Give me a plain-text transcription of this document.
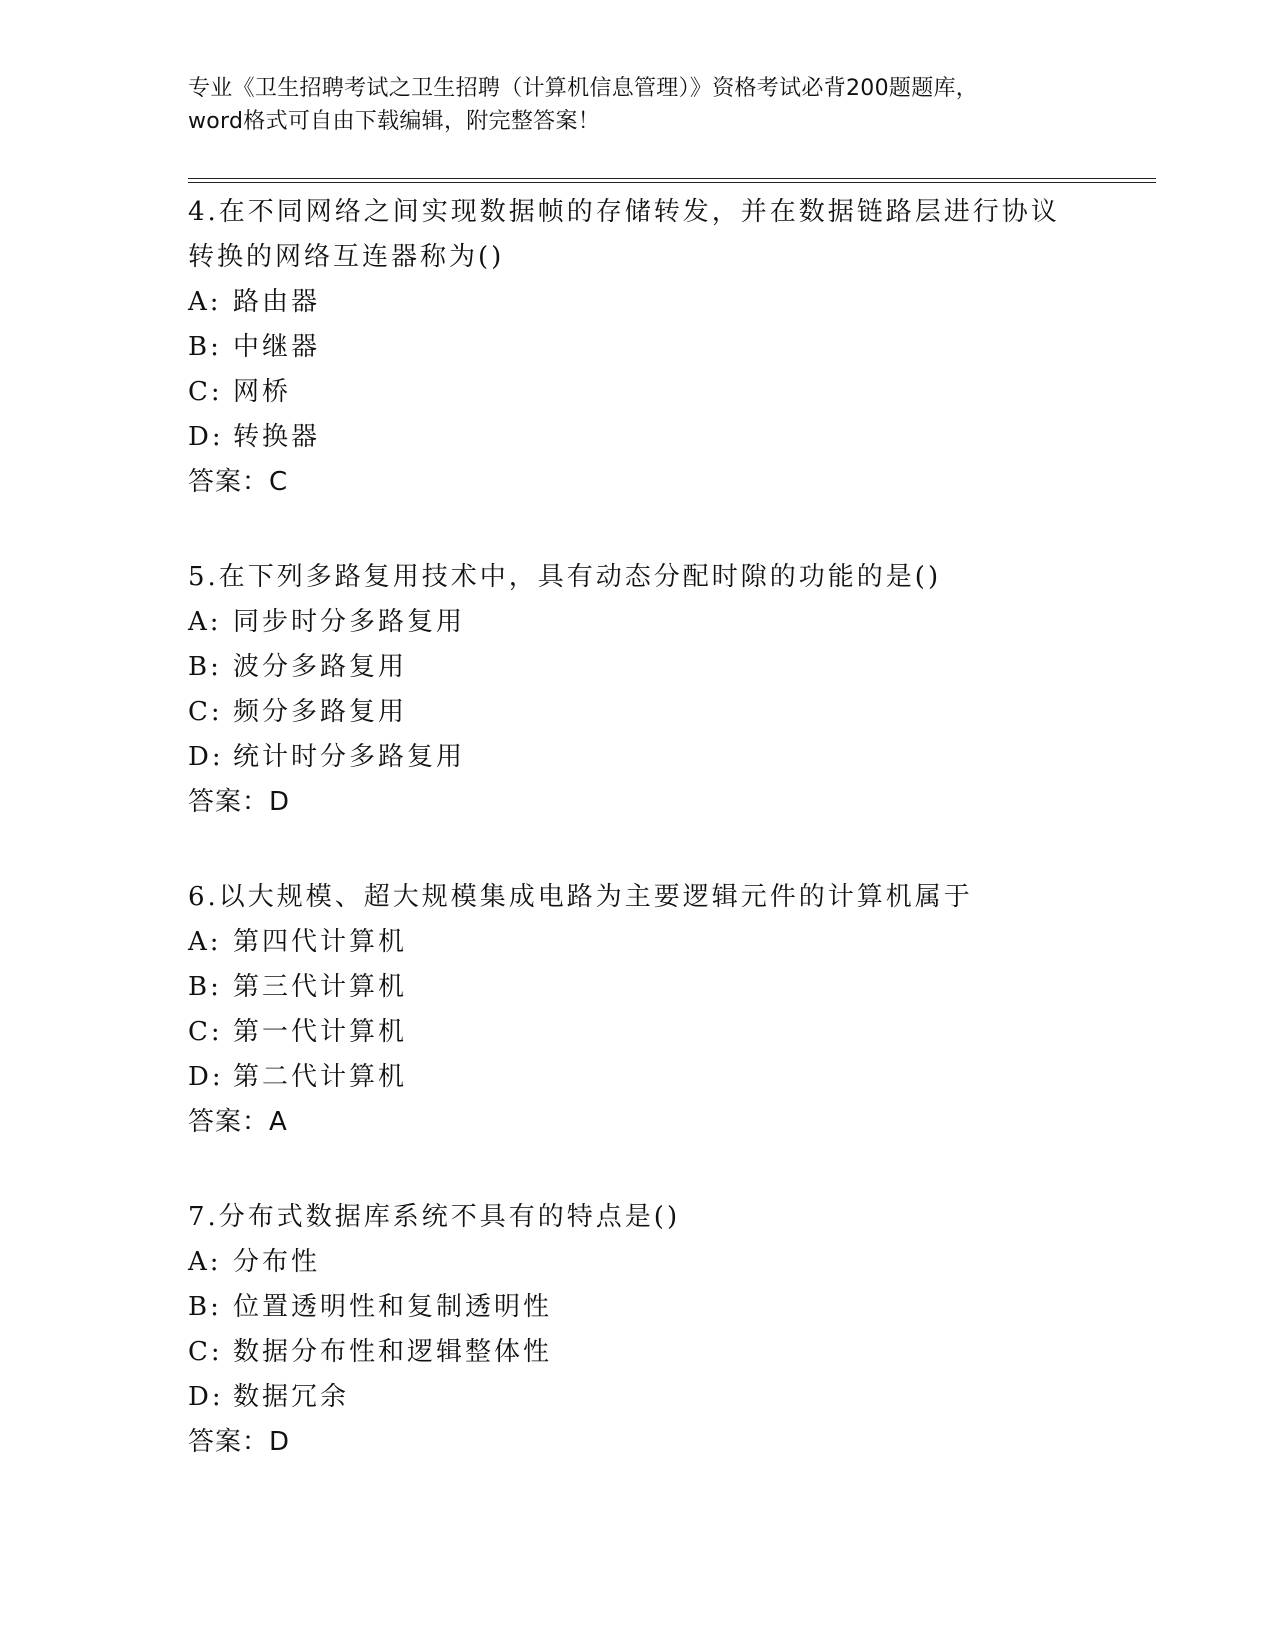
专业《卫生招聘考试之卫生招聘（计算机信息管理）》资格考试必背200题题库，
word格式可自由下载编辑，附完整答案！
4.在不同网络之间实现数据帧的存储转发，并在数据链路层进行协议
转换的网络互连器称为()
A: 路由器
B: 中继器
C: 网桥
D: 转换器
答案：C
5.在下列多路复用技术中，具有动态分配时隙的功能的是()
A: 同步时分多路复用
B: 波分多路复用
C: 频分多路复用
D: 统计时分多路复用
答案：D
6.以大规模、超大规模集成电路为主要逻辑元件的计算机属于
A: 第四代计算机
B: 第三代计算机
C: 第一代计算机
D: 第二代计算机
答案：A
7.分布式数据库系统不具有的特点是()
A: 分布性
B: 位置透明性和复制透明性
C: 数据分布性和逻辑整体性
D: 数据冗余
答案：D
